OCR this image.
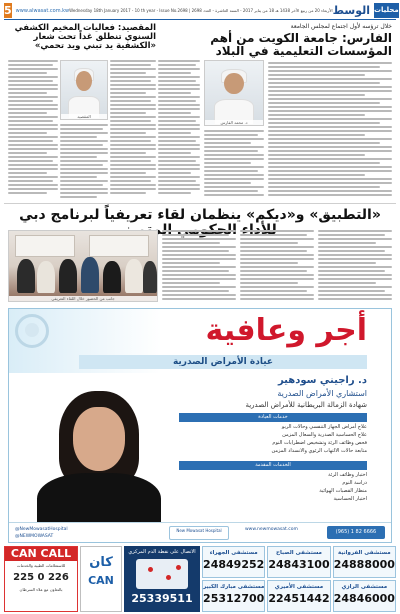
5 www.alwasat.com.kw Wednesday 18th January 2017 - 10 th year - Issue No.2698 | الأربعاء 20 من ربيع الآخر 1438 هـ 18 من يناير 2017 - السنة العاشرة - العدد 2698 الوسط محليات
خلال ترؤسه لأول اجتماع لمجلس الجامعة
الفارس: جامعة الكويت من أهم المؤسسات التعليمية في البلاد
د. محمد الفارس
المقصيد: فعاليات المخيم الكشفي السنوي تنطلق غداً تحت شعار «الكشفية يد تبني ويد تحمي»
المقصيد
«التطبيق» و«ديكم» ينظمان لقاء تعريفياً لبرنامج دبي
جانب من الحضور خلال اللقاء التعريفي
أجر وعافية
عيادة الأمراض الصدرية
د. راجيني سودهير
استشاري الأمراض الصدرية
شهادة الزمالة البريطانية للأمراض الصدرية
خدمات العيادة
علاج أمراض الجهاز التنفسي وحالات الربو
علاج الحساسية الصدرية والسعال المزمن
فحص وظائف الرئة وتشخيص اضطرابات النوم
متابعة حالات الالتهاب الرئوي والانسداد المزمن
الخدمات المقدمة
اختبار وظائف الرئة
دراسة النوم
منظار القصبات الهوائية
اختبار الحساسية
@NewMowasatHospital
@NEWMOWASAT
New Mowasat Hospital	www.newmowasat.com	(965) 1 82 6666
CAN CALL
للاستعلامات الطبية والخدمات
225 0 226
بالتعاون مع علاء السرطان
كان
CAN
الاتصال على نقطة الدم المركزي
25339511
مستشفى الجهراء
24849252
مستشفى الصباح
24843100
مستشفى الفروانية
24888000
مستشفى مبارك الكبير
25312700
مستشفى الأميري
22451442
مستشفى الرازي
24846000
